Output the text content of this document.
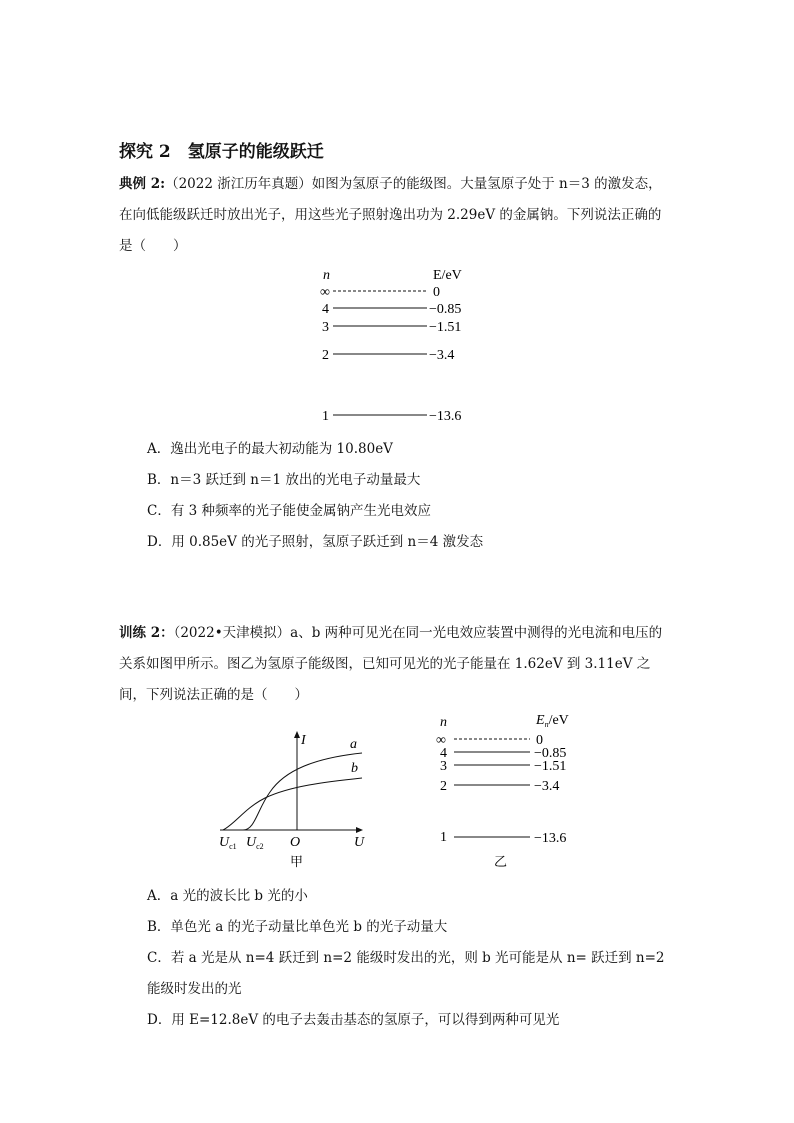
探究 2　氢原子的能级跃迁
典例 2:（2022 浙江历年真题）如图为氢原子的能级图。大量氢原子处于 n＝3 的激发态，
在向低能级跃迁时放出光子，用这些光子照射逸出功为 2.29eV 的金属钠。下列说法正确的
是（　　）
n	E/eV
∞	0
4	−0.85
3	−1.51
2	−3.4
1	−13.6
A．逸出光电子的最大初动能为 10.80eV
B．n＝3 跃迁到 n＝1 放出的光电子动量最大
C．有 3 种频率的光子能使金属钠产生光电效应
D．用 0.85eV 的光子照射，氢原子跃迁到 n＝4 激发态
训练 2：（2022•天津模拟）a、b 两种可见光在同一光电效应装置中测得的光电流和电压的
关系如图甲所示。图乙为氢原子能级图，已知可见光的光子能量在 1.62eV 到 3.11eV 之
间，下列说法正确的是（　　）
I
U
O
a
b
$U_{c1}$ $U_{c2}$
甲
n	$E_n/eV$
∞	0
4	−0.85
3	−1.51
2	−3.4
1	−13.6
乙
A．a 光的波长比 b 光的小
B．单色光 a 的光子动量比单色光 b 的光子动量大
C．若 a 光是从 n=4 跃迁到 n=2 能级时发出的光，则 b 光可能是从 n= 跃迁到 n=2
能级时发出的光
D．用 E=12.8eV 的电子去轰击基态的氢原子，可以得到两种可见光
